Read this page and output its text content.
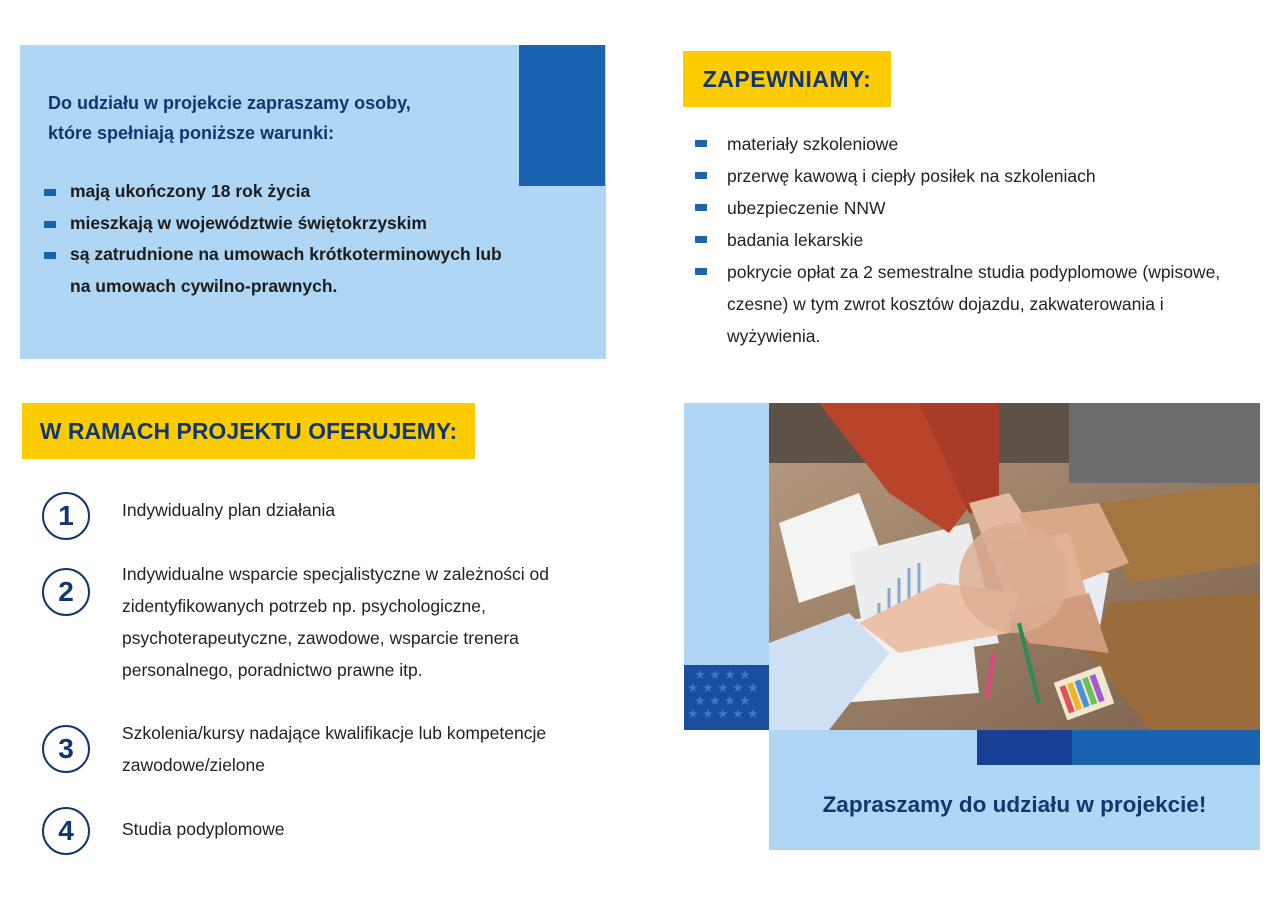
Do udziału w projekcie zapraszamy osoby,
które spełniają poniższe warunki:

mają ukończony 18 rok życia
mieszkają w województwie świętokrzyskim
są zatrudnione na umowach krótkoterminowych lub na umowach cywilno-prawnych.
ZAPEWNIAMY:
materiały szkoleniowe
przerwę kawową i ciepły posiłek na szkoleniach
ubezpieczenie NNW
badania lekarskie
pokrycie opłat za 2 semestralne studia podyplomowe (wpisowe, czesne) w tym zwrot kosztów dojazdu, zakwaterowania i wyżywienia.
W RAMACH PROJEKTU OFERUJEMY:
1	Indywidualny plan działania
2
Indywidualne wsparcie specjalistyczne w zależności od zidentyfikowanych potrzeb np. psychologiczne, psychoterapeutyczne, zawodowe, wsparcie trenera personalnego, poradnictwo prawne itp.
3	Szkolenia/kursy nadające kwalifikacje lub kompetencje zawodowe/zielone
4	Studia podyplomowe
★ ★ ★ ★
★ ★ ★ ★ ★
★ ★ ★ ★
★ ★ ★ ★ ★

Zapraszamy do udziału w projekcie!
